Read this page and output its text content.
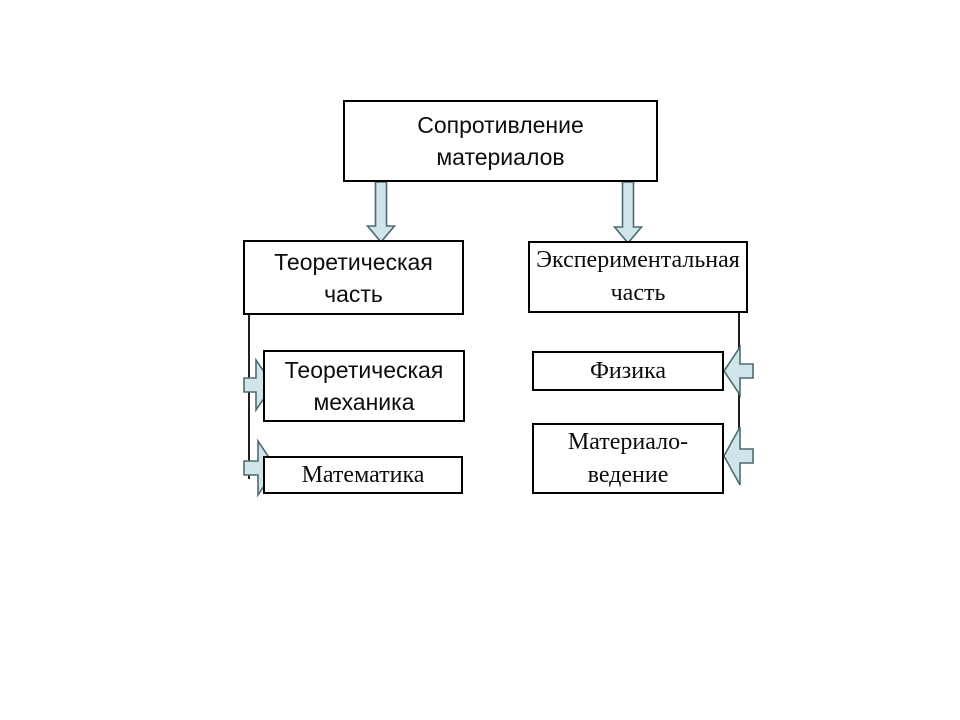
Сопротивление
материалов
Теоретическая
часть
Экспериментальная
часть
Теоретическая
механика
Математика
Физика
Материало-
ведение
